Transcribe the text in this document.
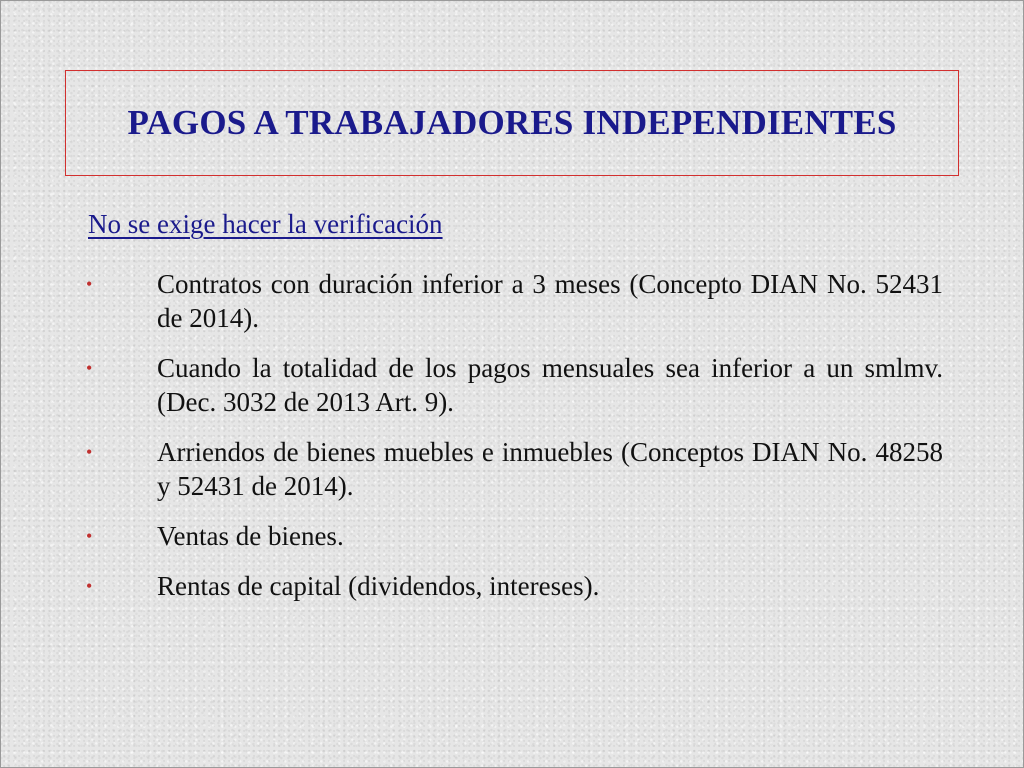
PAGOS A TRABAJADORES INDEPENDIENTES
No se exige hacer la verificación
• Contratos con duración inferior a 3 meses (Concepto DIAN No. 52431 de 2014).
• Cuando la totalidad de los pagos mensuales sea inferior a un smlmv. (Dec. 3032 de 2013 Art. 9).
• Arriendos de bienes muebles e inmuebles (Conceptos DIAN No. 48258 y 52431 de 2014).
• Ventas de bienes.
• Rentas de capital (dividendos, intereses).
